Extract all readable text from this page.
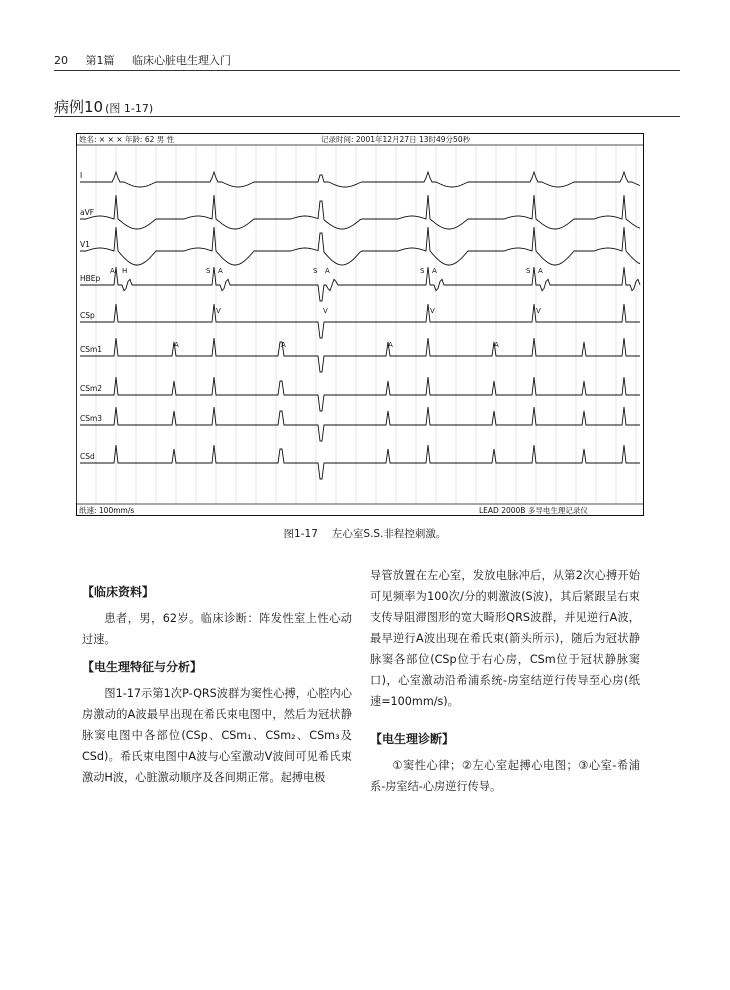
20 第1篇 临床心脏电生理入门
病例10 (图 1-17)
I
aVF
V1
HBEp
CSp
CSm1
CSm2
CSm3
CSd
S A
V
S A
V
S A
V
S A
V
H
A
A	A	A	A
姓名: × × × 年龄: 62 男 性	记录时间: 2001年12月27日 13时49分50秒
纸速: 100mm/s	LEAD 2000B 多导电生理记录仪
图1-17 左心室S.S.非程控刺激。
【临床资料】

患者，男，62岁。临床诊断：阵发性室上性心动过速。

【电生理特征与分析】

图1-17示第1次P-QRS波群为窦性心搏，心腔内心房激动的A波最早出现在希氏束电图中，然后为冠状静脉窦电图中各部位(CSp、CSm₁、CSm₂、CSm₃及CSd)。希氏束电图中A波与心室激动V波间可见希氏束激动H波，心脏激动顺序及各间期正常。起搏电极

导管放置在左心室，发放电脉冲后，从第2次心搏开始可见频率为100次/分的刺激波(S波)，其后紧跟呈右束支传导阻滞图形的宽大畸形QRS波群，并见逆行A波，最早逆行A波出现在希氏束(箭头所示)，随后为冠状静脉窦各部位(CSp位于右心房，CSm位于冠状静脉窦口)，心室激动沿希浦系统-房室结逆行传导至心房(纸速=100mm/s)。

【电生理诊断】

①窦性心律；②左心室起搏心电图；③心室-希浦系-房室结-心房逆行传导。
